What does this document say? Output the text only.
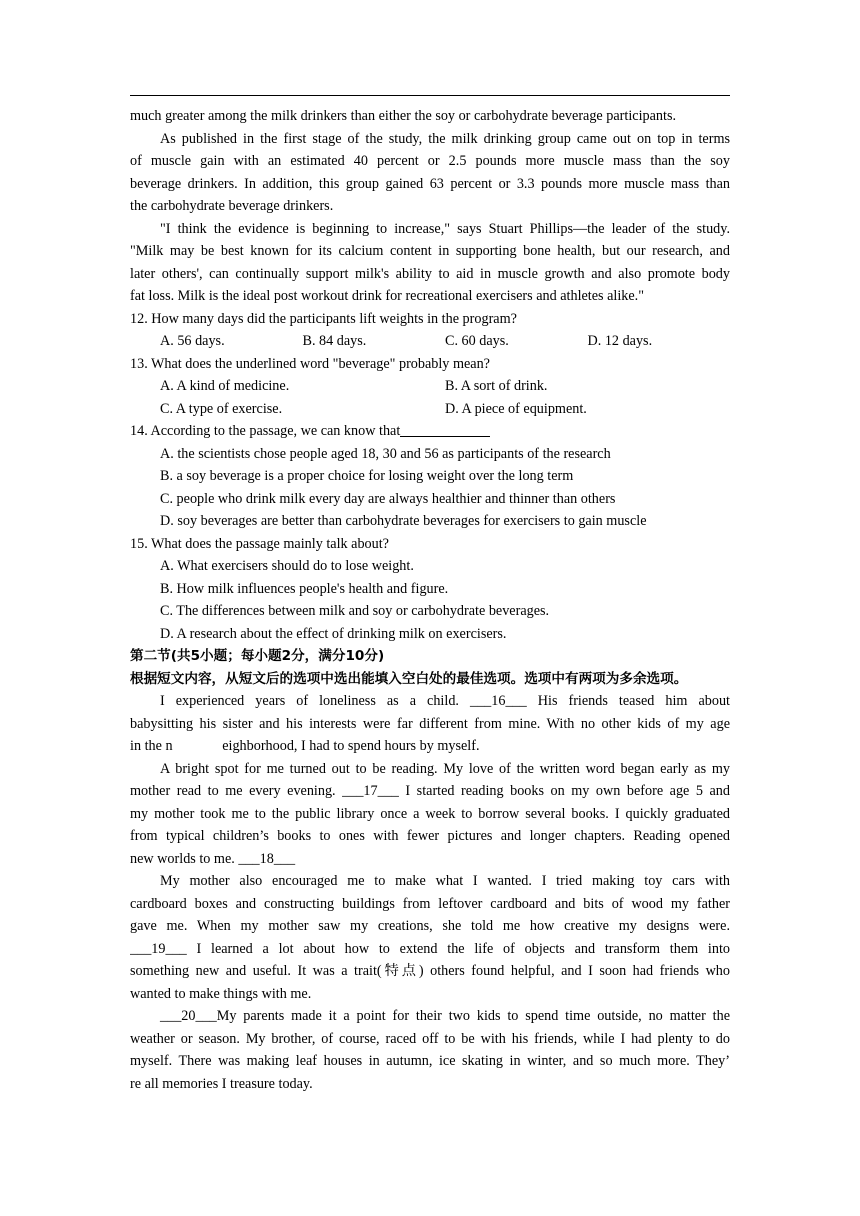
much greater among the milk drinkers than either the soy or carbohydrate beverage participants.
As published in the first stage of the study, the milk drinking group came out on top in terms
of muscle gain with an estimated 40 percent or 2.5 pounds more muscle mass than the soy
beverage drinkers. In addition, this group gained 63 percent or 3.3 pounds more muscle mass than
the carbohydrate beverage drinkers.
"I think the evidence is beginning to increase," says Stuart Phillips—the leader of the study.
"Milk may be best known for its calcium content in supporting bone health, but our research, and
later others', can continually support milk's ability to aid in muscle growth and also promote body
fat loss. Milk is the ideal post workout drink for recreational exercisers and athletes alike."
12. How many days did the participants lift weights in the program?
A. 56 days.	B. 84 days.	C. 60 days.	D. 12 days.
13. What does the underlined word "beverage" probably mean?
A. A kind of medicine.	B. A sort of drink.
C. A type of exercise.	D. A piece of equipment.
14. According to the passage, we can know that
A. the scientists chose people aged 18, 30 and 56 as participants of the research
B. a soy beverage is a proper choice for losing weight over the long term
C. people who drink milk every day are always healthier and thinner than others
D. soy beverages are better than carbohydrate beverages for exercisers to gain muscle
15. What does the passage mainly talk about?
A. What exercisers should do to lose weight.
B. How milk influences people's health and figure.
C. The differences between milk and soy or carbohydrate beverages.
D. A research about the effect of drinking milk on exercisers.
第二节(共5小题；每小题2分，满分10分)
根据短文内容，从短文后的选项中选出能填入空白处的最佳选项。选项中有两项为多余选项。
I experienced years of loneliness as a child. ___16___ His friends teased him about
babysitting his sister and his interests were far different from mine. With no other kids of my age
in the n              eighborhood, I had to spend hours by myself.
A bright spot for me turned out to be reading. My love of the written word began early as my
mother read to me every evening. ___17___ I started reading books on my own before age 5 and
my mother took me to the public library once a week to borrow several books. I quickly graduated
from typical children’s books to ones with fewer pictures and longer chapters. Reading opened
new worlds to me. ___18___
My mother also encouraged me to make what I wanted. I tried making toy cars with
cardboard boxes and constructing buildings from leftover cardboard and bits of wood my father
gave me. When my mother saw my creations, she told me how creative my designs were.
___19___ I learned a lot about how to extend the life of objects and transform them into
something new and useful. It was a trait(特点) others found helpful, and I soon had friends who
wanted to make things with me.
___20___My parents made it a point for their two kids to spend time outside, no matter the
weather or season. My brother, of course, raced off to be with his friends, while I had plenty to do
myself. There was making leaf houses in autumn, ice skating in winter, and so much more. They’
re all memories I treasure today.
